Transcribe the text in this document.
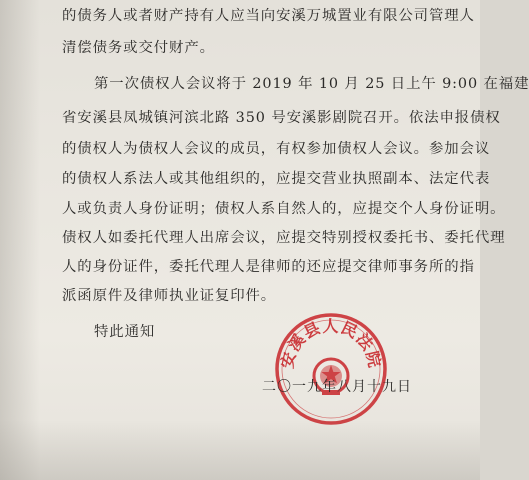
的债务人或者财产持有人应当向安溪万城置业有限公司管理人
清偿债务或交付财产。
第一次债权人会议将于 2019 年 10 月 25 日上午 9:00 在福建
省安溪县凤城镇河滨北路 350 号安溪影剧院召开。依法申报债权
的债权人为债权人会议的成员，有权参加债权人会议。参加会议
的债权人系法人或其他组织的，应提交营业执照副本、法定代表
人或负责人身份证明；债权人系自然人的，应提交个人身份证明。
债权人如委托代理人出席会议，应提交特别授权委托书、委托代理
人的身份证件，委托代理人是律师的还应提交律师事务所的指
派函原件及律师执业证复印件。
特此通知
安溪县人民法院
二〇一九年八月十九日
